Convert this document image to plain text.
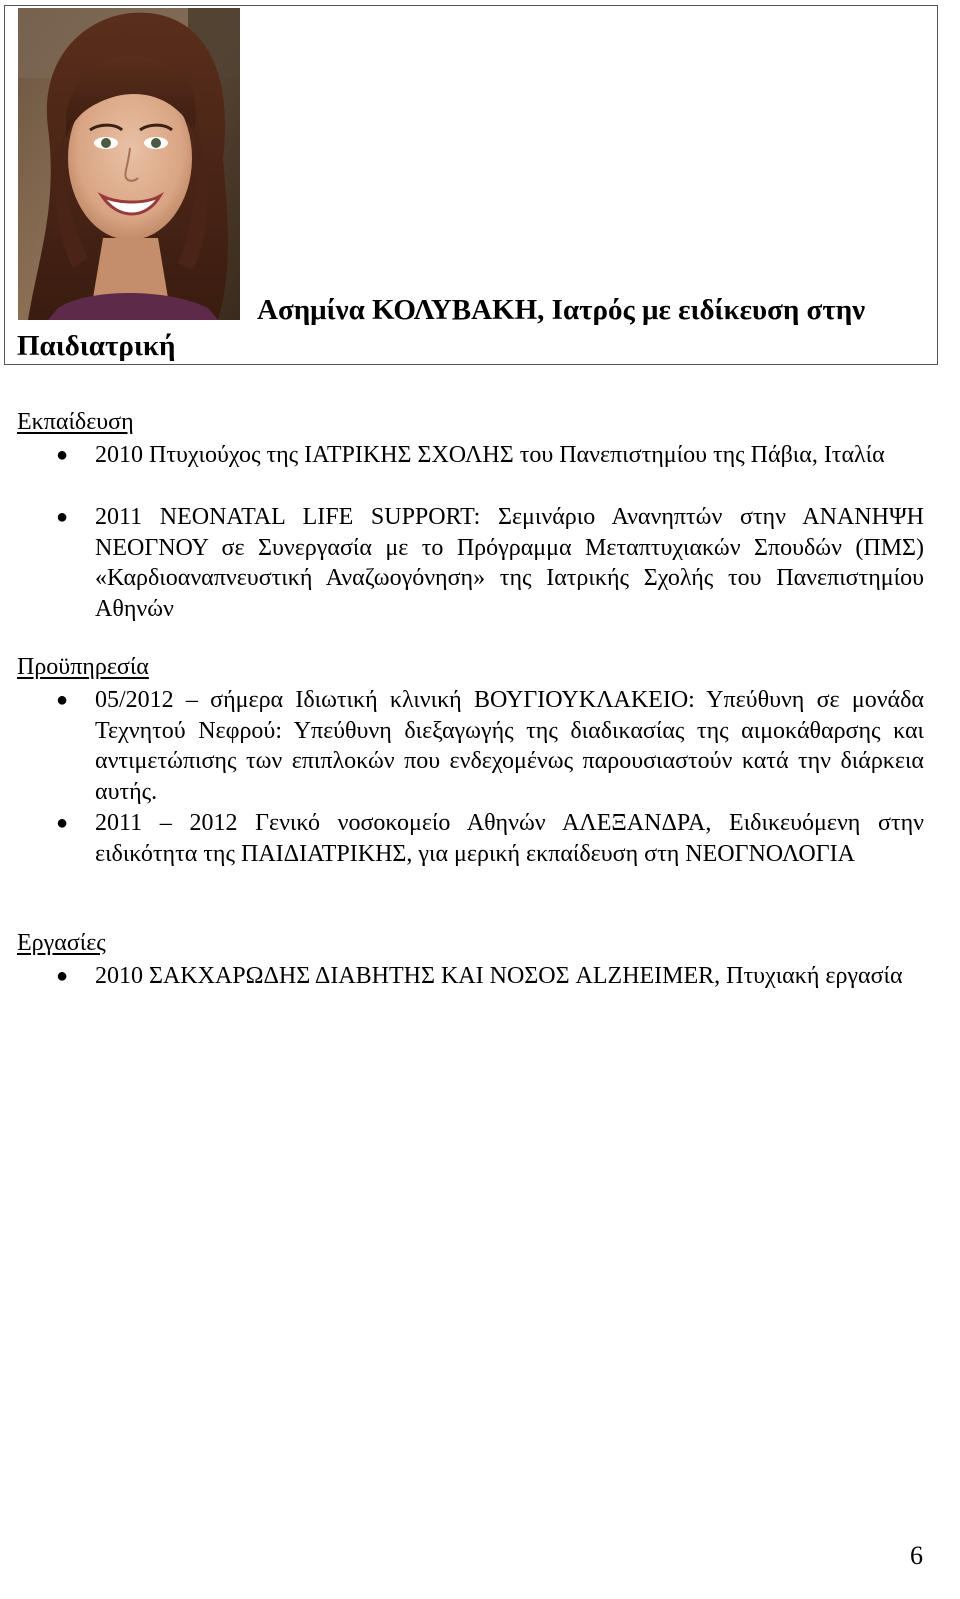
Ασημίνα ΚΟΛΥΒΑΚΗ, Ιατρός με ειδίκευση στην
Παιδιατρική
Εκπαίδευση
● 2010 Πτυχιούχος της ΙΑΤΡΙΚΗΣ ΣΧΟΛΗΣ του Πανεπιστημίου της Πάβια, Ιταλία
● 2011 NEONATAL LIFE SUPPORT: Σεμινάριο Ανανηπτών στην ΑΝΑΝΗΨΗ ΝΕΟΓΝΟΥ σε Συνεργασία με το Πρόγραμμα Μεταπτυχιακών Σπουδών (ΠΜΣ) «Καρδιοαναπνευστική Αναζωογόνηση» της Ιατρικής Σχολής του Πανεπιστημίου Αθηνών
Προϋπηρεσία
● 05/2012 – σήμερα Ιδιωτική κλινική ΒΟΥΓΙΟΥΚΛΑΚΕΙΟ: Υπεύθυνη σε μονάδα Τεχνητού Νεφρού: Υπεύθυνη διεξαγωγής της διαδικασίας της αιμοκάθαρσης και αντιμετώπισης των επιπλοκών που ενδεχομένως παρουσιαστούν κατά την διάρκεια αυτής.
● 2011 – 2012 Γενικό νοσοκομείο Αθηνών ΑΛΕΞΑΝΔΡΑ, Ειδικευόμενη στην ειδικότητα της ΠΑΙΔΙΑΤΡΙΚΗΣ, για μερική εκπαίδευση στη ΝΕΟΓΝΟΛΟΓΙΑ
Εργασίες
● 2010 ΣΑΚΧΑΡΩΔΗΣ ΔΙΑΒΗΤΗΣ ΚΑΙ ΝΟΣΟΣ ALZHEIMER, Πτυχιακή εργασία
6
